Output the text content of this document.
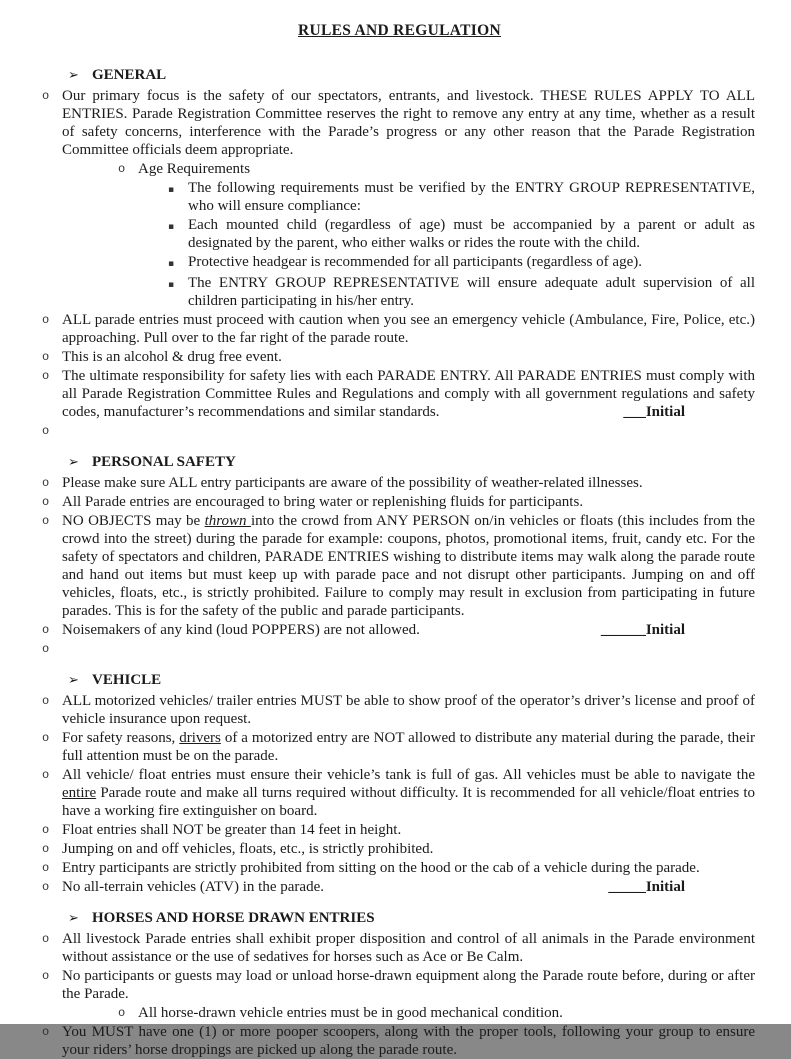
RULES AND REGULATION
➢ GENERAL
o Our primary focus is the safety of our spectators, entrants, and livestock. THESE RULES APPLY TO ALL ENTRIES. Parade Registration Committee reserves the right to remove any entry at any time, whether as a result of safety concerns, interference with the Parade’s progress or any other reason that the Parade Registration Committee officials deem appropriate.
o Age Requirements
▪ The following requirements must be verified by the ENTRY GROUP REPRESENTATIVE, who will ensure compliance:
▪ Each mounted child (regardless of age) must be accompanied by a parent or adult as designated by the parent, who either walks or rides the route with the child.
▪ Protective headgear is recommended for all participants (regardless of age).
▪ The ENTRY GROUP REPRESENTATIVE will ensure adequate adult supervision of all children participating in his/her entry.
o ALL parade entries must proceed with caution when you see an emergency vehicle (Ambulance, Fire, Police, etc.) approaching. Pull over to the far right of the parade route.
o This is an alcohol & drug free event.
o The ultimate responsibility for safety lies with each PARADE ENTRY. All PARADE ENTRIES must comply with all Parade Registration Committee Rules and Regulations and comply with all government regulations and safety codes, manufacturer’s recommendations and similar standards.	___Initial
o
➢ PERSONAL SAFETY
o Please make sure ALL entry participants are aware of the possibility of weather-related illnesses.
o All Parade entries are encouraged to bring water or replenishing fluids for participants.
o NO OBJECTS may be thrown into the crowd from ANY PERSON on/in vehicles or floats (this includes from the crowd into the street) during the parade for example: coupons, photos, promotional items, fruit, candy etc. For the safety of spectators and children, PARADE ENTRIES wishing to distribute items may walk along the parade route and hand out items but must keep up with parade pace and not disrupt other participants. Jumping on and off vehicles, floats, etc., is strictly prohibited. Failure to comply may result in exclusion from participating in future parades. This is for the safety of the public and parade participants.
o Noisemakers of any kind (loud POPPERS) are not allowed.	______Initial
o
➢ VEHICLE
o ALL motorized vehicles/ trailer entries MUST be able to show proof of the operator’s driver’s license and proof of vehicle insurance upon request.
o For safety reasons, drivers of a motorized entry are NOT allowed to distribute any material during the parade, their full attention must be on the parade.
o All vehicle/ float entries must ensure their vehicle’s tank is full of gas. All vehicles must be able to navigate the entire Parade route and make all turns required without difficulty. It is recommended for all vehicle/float entries to have a working fire extinguisher on board.
o Float entries shall NOT be greater than 14 feet in height.
o Jumping on and off vehicles, floats, etc., is strictly prohibited.
o Entry participants are strictly prohibited from sitting on the hood or the cab of a vehicle during the parade.
o No all-terrain vehicles (ATV) in the parade.	_____Initial
➢ HORSES AND HORSE DRAWN ENTRIES
o All livestock Parade entries shall exhibit proper disposition and control of all animals in the Parade environment without assistance or the use of sedatives for horses such as Ace or Be Calm.
o No participants or guests may load or unload horse-drawn equipment along the Parade route before, during or after the Parade.
o All horse-drawn vehicle entries must be in good mechanical condition.
o You MUST have one (1) or more pooper scoopers, along with the proper tools, following your group to ensure your riders’ horse droppings are picked up along the parade route.
